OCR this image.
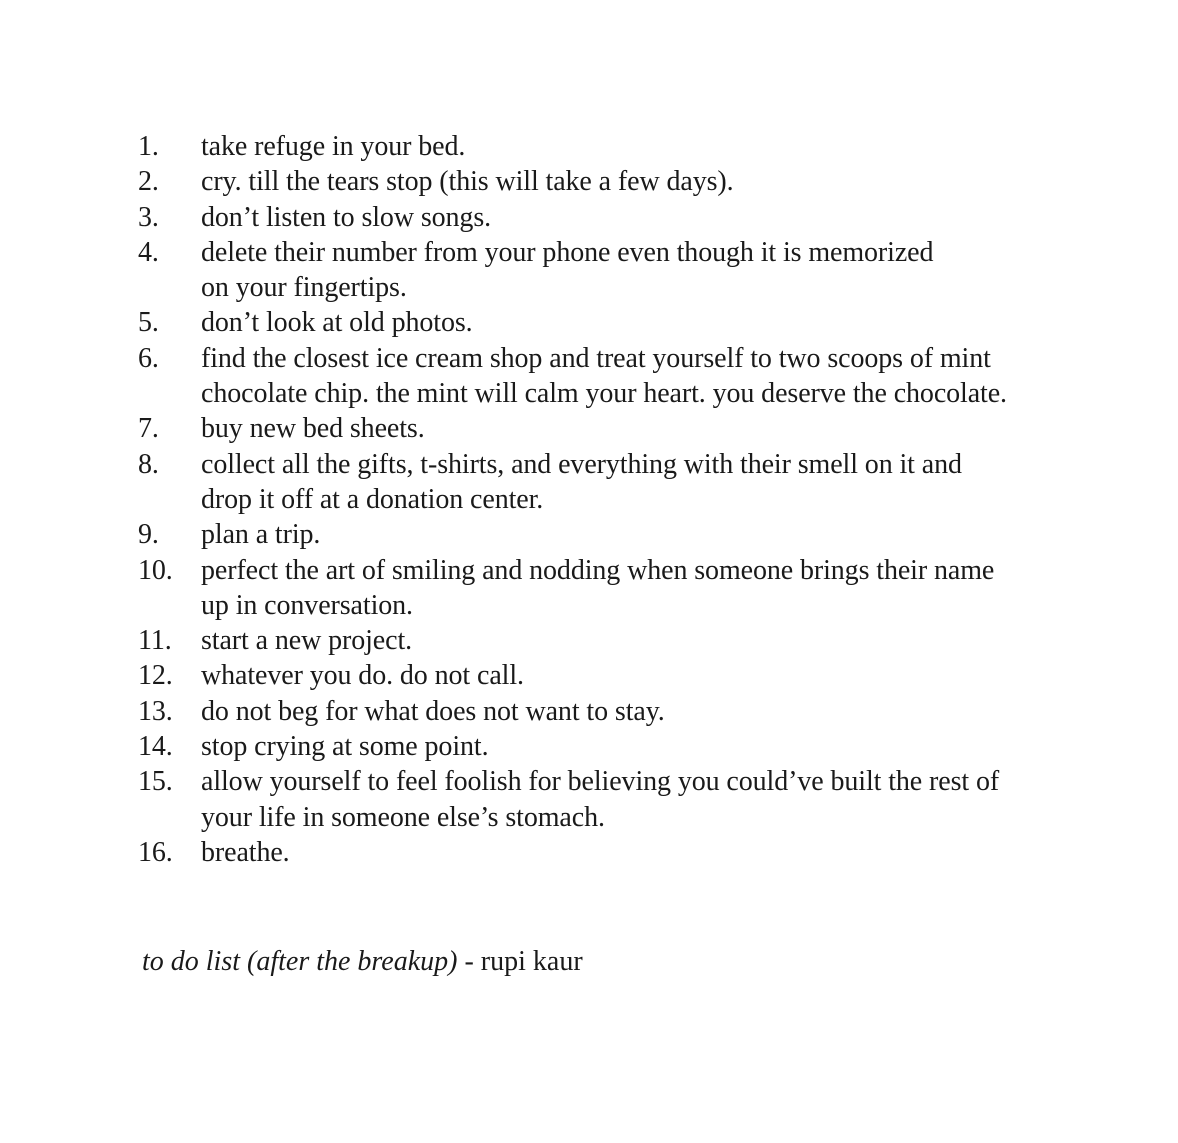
1.	take refuge in your bed.
2.	cry. till the tears stop (this will take a few days).
3.	don’t listen to slow songs.
4.	delete their number from your phone even though it is memorized
on your fingertips.
5.	don’t look at old photos.
6.	find the closest ice cream shop and treat yourself to two scoops of mint
chocolate chip. the mint will calm your heart. you deserve the chocolate.
7.	buy new bed sheets.
8.	collect all the gifts, t-shirts, and everything with their smell on it and
drop it off at a donation center.
9.	plan a trip.
10.	perfect the art of smiling and nodding when someone brings their name
up in conversation.
11.	start a new project.
12.	whatever you do. do not call.
13.	do not beg for what does not want to stay.
14.	stop crying at some point.
15.	allow yourself to feel foolish for believing you could’ve built the rest of
your life in someone else’s stomach.
16.	breathe.
to do list (after the breakup) - rupi kaur
